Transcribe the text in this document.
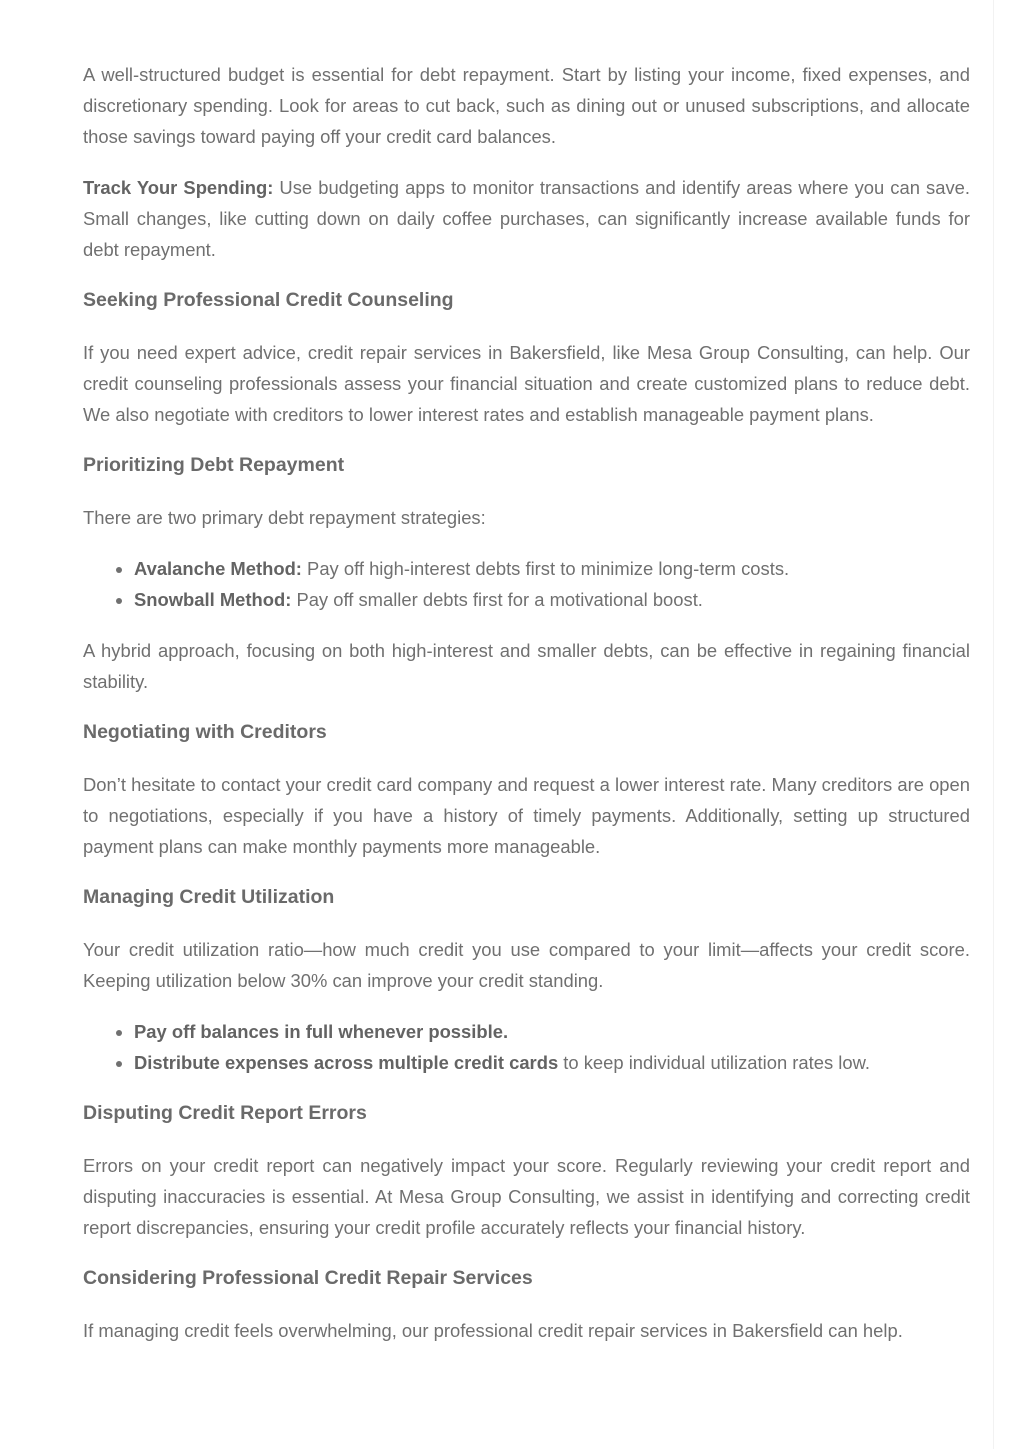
A well-structured budget is essential for debt repayment. Start by listing your income, fixed expenses, and discretionary spending. Look for areas to cut back, such as dining out or unused subscriptions, and allocate those savings toward paying off your credit card balances.

Track Your Spending: Use budgeting apps to monitor transactions and identify areas where you can save. Small changes, like cutting down on daily coffee purchases, can significantly increase available funds for debt repayment.

Seeking Professional Credit Counseling

If you need expert advice, credit repair services in Bakersfield, like Mesa Group Consulting, can help. Our credit counseling professionals assess your financial situation and create customized plans to reduce debt. We also negotiate with creditors to lower interest rates and establish manageable payment plans.

Prioritizing Debt Repayment

There are two primary debt repayment strategies:

• Avalanche Method: Pay off high-interest debts first to minimize long-term costs.
• Snowball Method: Pay off smaller debts first for a motivational boost.

A hybrid approach, focusing on both high-interest and smaller debts, can be effective in regaining financial stability.

Negotiating with Creditors

Don’t hesitate to contact your credit card company and request a lower interest rate. Many creditors are open to negotiations, especially if you have a history of timely payments. Additionally, setting up structured payment plans can make monthly payments more manageable.

Managing Credit Utilization

Your credit utilization ratio—how much credit you use compared to your limit—affects your credit score. Keeping utilization below 30% can improve your credit standing.

• Pay off balances in full whenever possible.
• Distribute expenses across multiple credit cards to keep individual utilization rates low.
Disputing Credit Report Errors

Errors on your credit report can negatively impact your score. Regularly reviewing your credit report and disputing inaccuracies is essential. At Mesa Group Consulting, we assist in identifying and correcting credit report discrepancies, ensuring your credit profile accurately reflects your financial history.

Considering Professional Credit Repair Services

If managing credit feels overwhelming, our professional credit repair services in Bakersfield can help.
